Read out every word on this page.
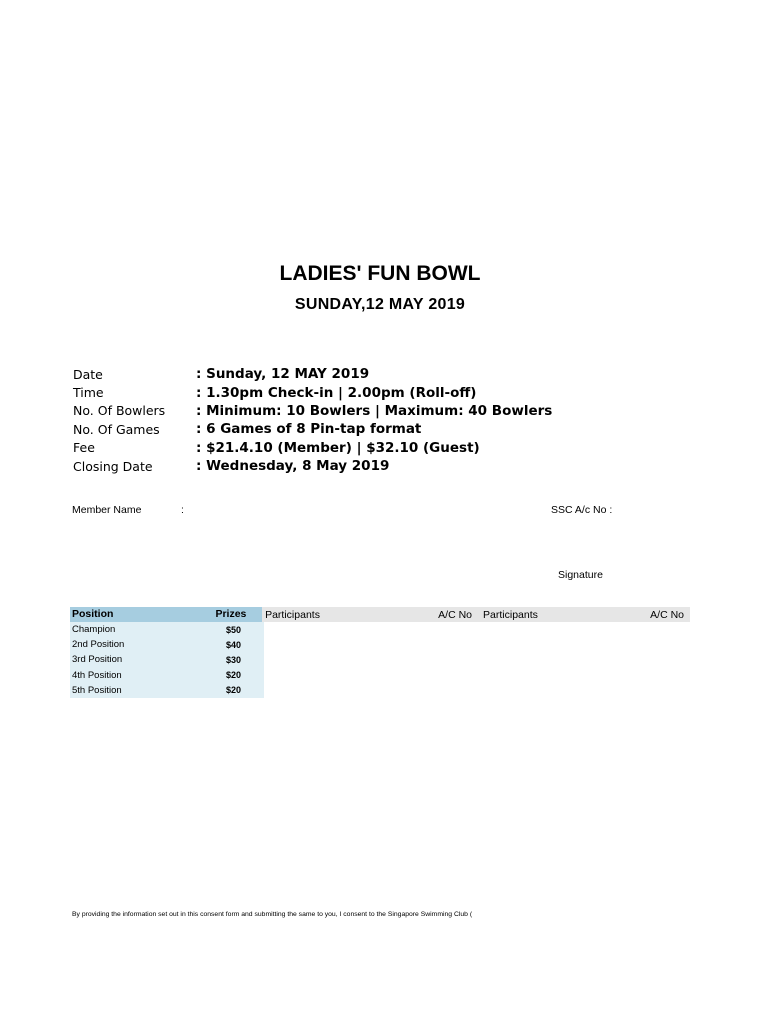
LADIES' FUN BOWL
SUNDAY,12 MAY 2019
Date	: Sunday, 12 MAY 2019
Time	: 1.30pm Check-in | 2.00pm (Roll-off)
No. Of Bowlers	: Minimum: 10 Bowlers | Maximum: 40 Bowlers
No. Of Games	: 6 Games of 8 Pin-tap format
Fee	: $21.4.10 (Member) | $32.10 (Guest)
Closing Date	: Wednesday, 8 May 2019
Member Name	:	SSC A/c No :
Signature
Position	Prizes	Participants	A/C No	Participants	A/C No
Champion	$50
2nd Position	$40
3rd Position	$30
4th Position	$20
5th Position	$20
By providing the information set out in this consent form and submitting the same to you, I consent to the Singapore Swimming Club (
